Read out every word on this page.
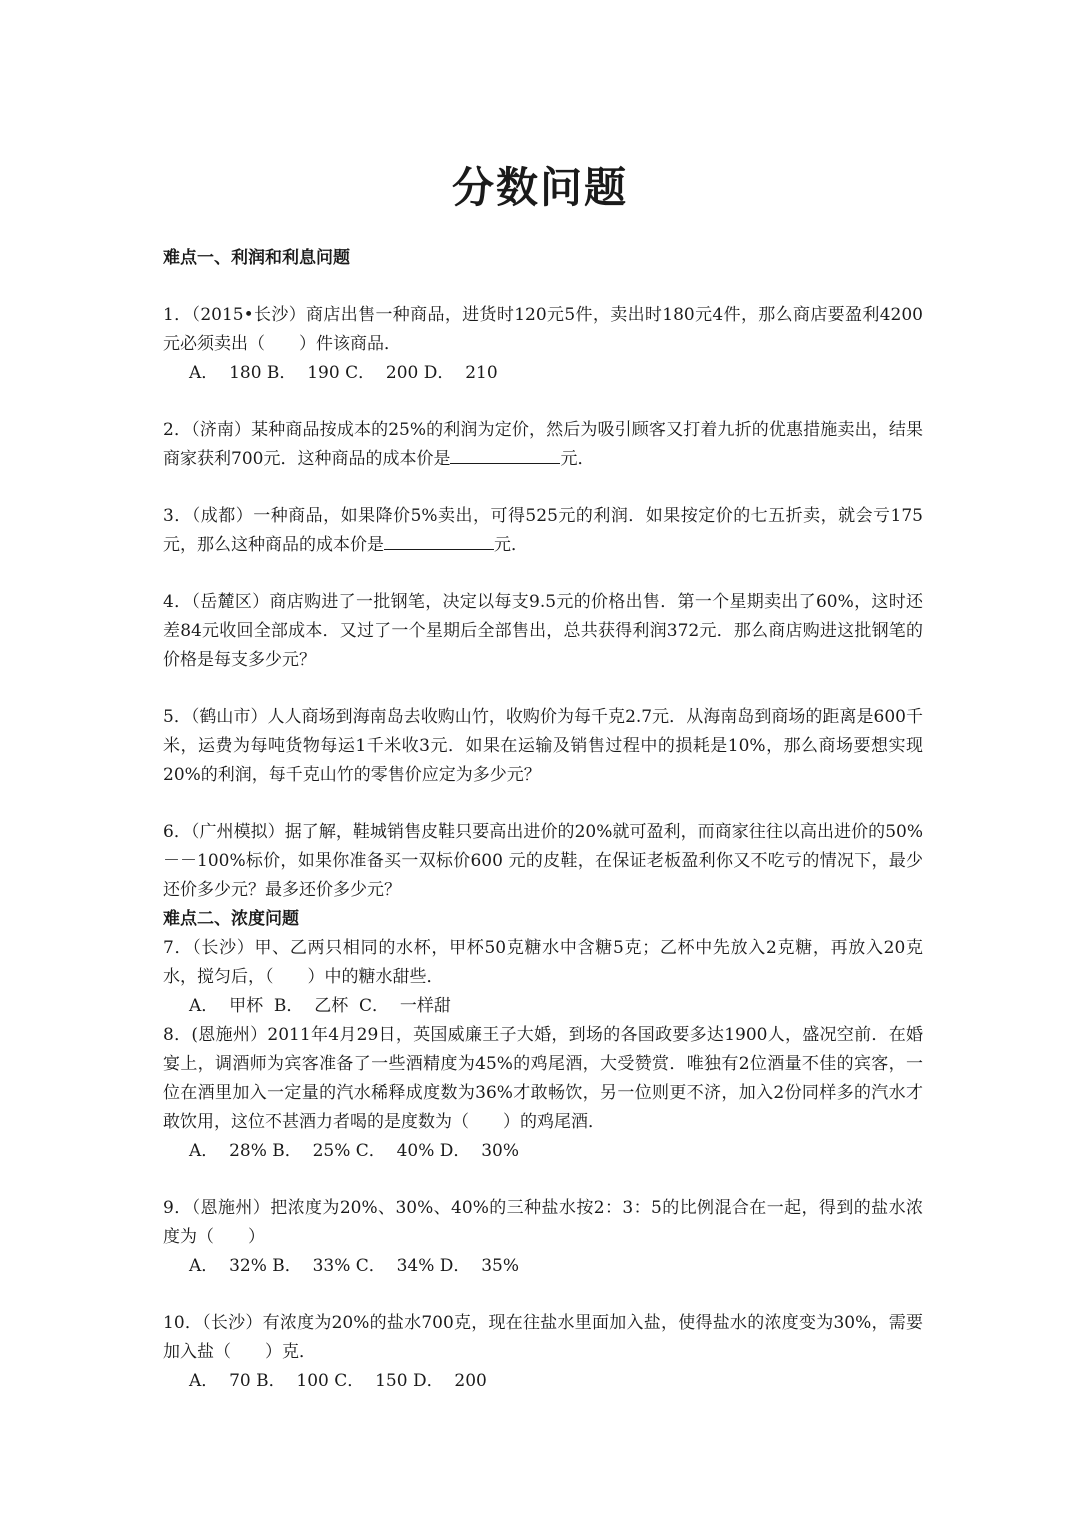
分数问题

难点一、利润和利息问题

1．（2015•长沙）商店出售一种商品，进货时120元5件，卖出时180元4件，那么商店要盈利4200元必须卖出（　　）件该商品．

A．  180 B．  190 C．  200 D．  210

2．（济南）某种商品按成本的25%的利润为定价，然后为吸引顾客又打着九折的优惠措施卖出，结果商家获利700元．这种商品的成本价是	元．

3．（成都）一种商品，如果降价5%卖出，可得525元的利润．如果按定价的七五折卖，就会亏175元，那么这种商品的成本价是	元．

4．（岳麓区）商店购进了一批钢笔，决定以每支9.5元的价格出售．第一个星期卖出了60%，这时还差84元收回全部成本．又过了一个星期后全部售出，总共获得利润372元．那么商店购进这批钢笔的价格是每支多少元？

5．（鹤山市）人人商场到海南岛去收购山竹，收购价为每千克2.7元．从海南岛到商场的距离是600千米，运费为每吨货物每运1千米收3元．如果在运输及销售过程中的损耗是10%，那么商场要想实现20%的利润，每千克山竹的零售价应定为多少元？

6．（广州模拟）据了解，鞋城销售皮鞋只要高出进价的20%就可盈利，而商家往往以高出进价的50%－－100%标价，如果你准备买一双标价600 元的皮鞋，在保证老板盈利你又不吃亏的情况下，最少还价多少元？最多还价多少元？

难点二、浓度问题

7．（长沙）甲、乙两只相同的水杯，甲杯50克糖水中含糖5克；乙杯中先放入2克糖，再放入20克水，搅匀后，（　　）中的糖水甜些．

A．  甲杯  B．  乙杯  C．  一样甜

8．(恩施州）2011年4月29日，英国威廉王子大婚，到场的各国政要多达1900人，盛况空前．在婚宴上，调酒师为宾客准备了一些酒精度为45%的鸡尾酒，大受赞赏．唯独有2位酒量不佳的宾客，一位在酒里加入一定量的汽水稀释成度数为36%才敢畅饮，另一位则更不济，加入2份同样多的汽水才敢饮用，这位不甚酒力者喝的是度数为（　　）的鸡尾酒．

A．  28% B．  25% C．  40% D．  30%

9．（恩施州）把浓度为20%、30%、40%的三种盐水按2：3：5的比例混合在一起，得到的盐水浓度为（　　）

A．  32% B．  33% C．  34% D．  35%

10．（长沙）有浓度为20%的盐水700克，现在往盐水里面加入盐，使得盐水的浓度变为30%，需要加入盐（　　）克．

A．  70 B．  100 C．  150 D．  200
